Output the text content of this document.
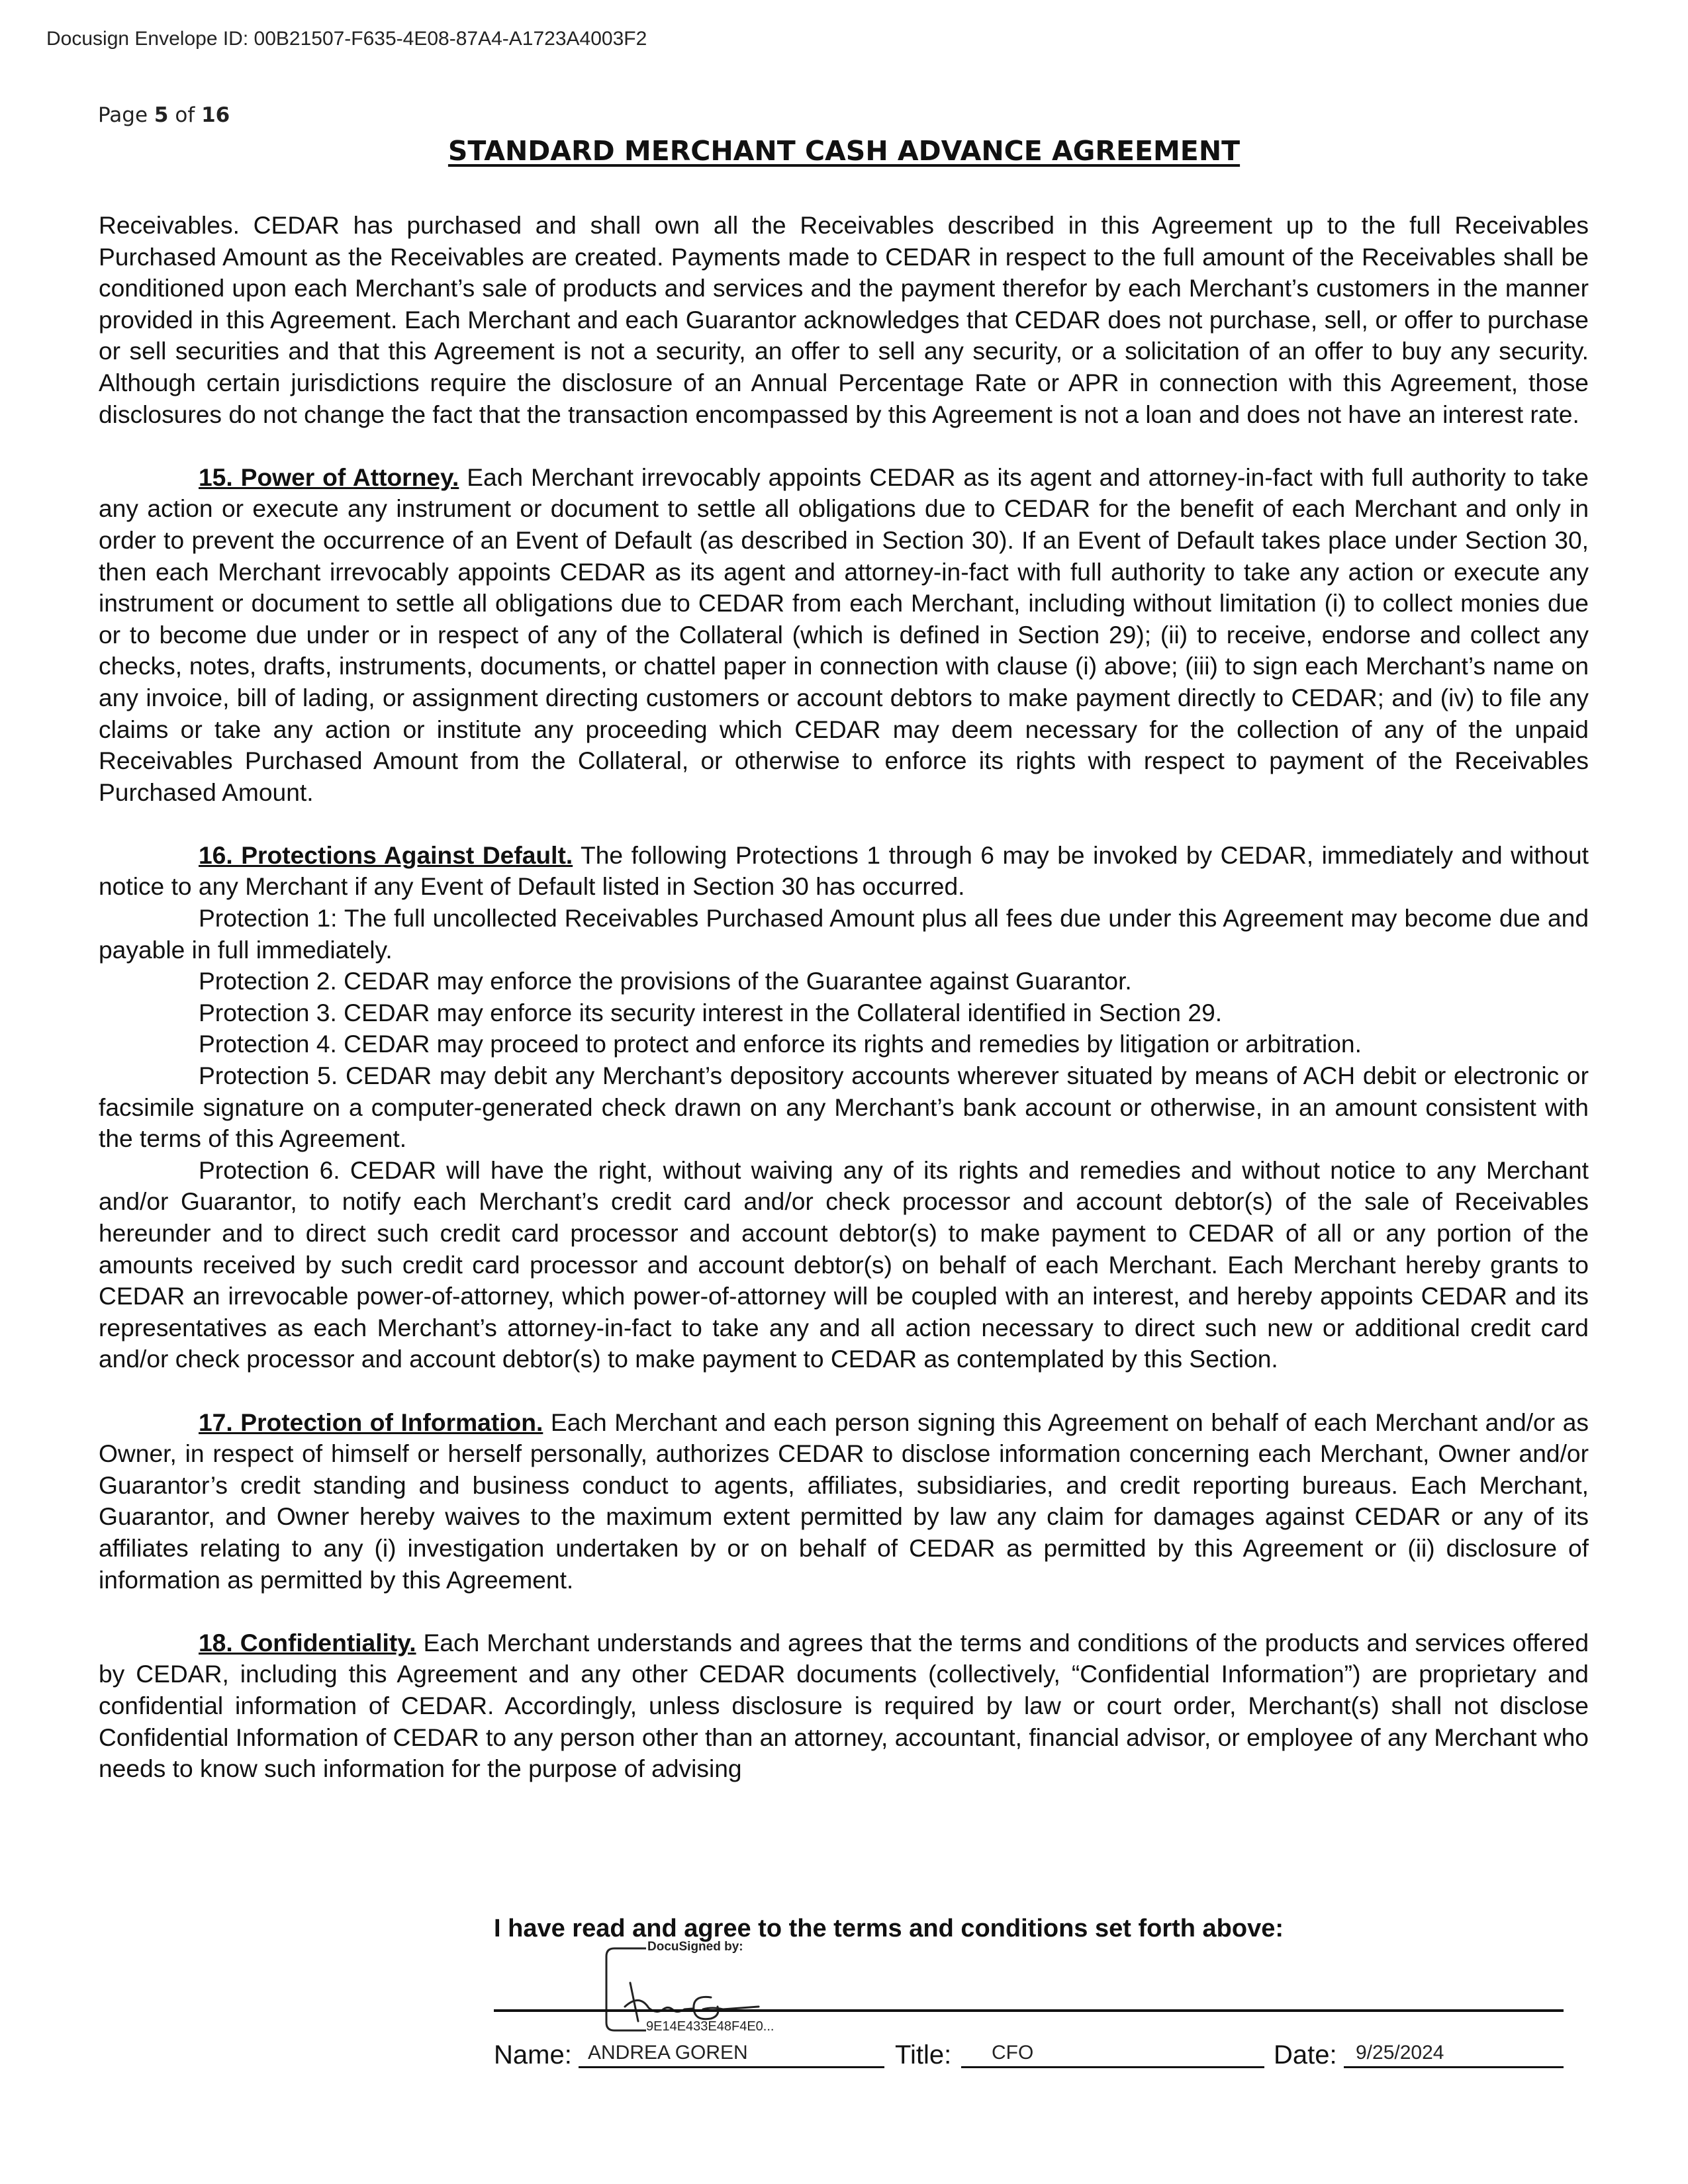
Docusign Envelope ID: 00B21507-F635-4E08-87A4-A1723A4003F2
Page 5 of 16
STANDARD MERCHANT CASH ADVANCE AGREEMENT

Receivables. CEDAR has purchased and shall own all the Receivables described in this Agreement up to the full Receivables Purchased Amount as the Receivables are created. Payments made to CEDAR in respect to the full amount of the Receivables shall be conditioned upon each Merchant’s sale of products and services and the payment therefor by each Merchant’s customers in the manner provided in this Agreement. Each Merchant and each Guarantor acknowledges that CEDAR does not purchase, sell, or offer to purchase or sell securities and that this Agreement is not a security, an offer to sell any security, or a solicitation of an offer to buy any security. Although certain jurisdictions require the disclosure of an Annual Percentage Rate or APR in connection with this Agreement, those disclosures do not change the fact that the transaction encompassed by this Agreement is not a loan and does not have an interest rate.

15. Power of Attorney. Each Merchant irrevocably appoints CEDAR as its agent and attorney-in-fact with full authority to take any action or execute any instrument or document to settle all obligations due to CEDAR for the benefit of each Merchant and only in order to prevent the occurrence of an Event of Default (as described in Section 30). If an Event of Default takes place under Section 30, then each Merchant irrevocably appoints CEDAR as its agent and attorney-in-fact with full authority to take any action or execute any instrument or document to settle all obligations due to CEDAR from each Merchant, including without limitation (i) to collect monies due or to become due under or in respect of any of the Collateral (which is defined in Section 29); (ii) to receive, endorse and collect any checks, notes, drafts, instruments, documents, or chattel paper in connection with clause (i) above; (iii) to sign each Merchant’s name on any invoice, bill of lading, or assignment directing customers or account debtors to make payment directly to CEDAR; and (iv) to file any claims or take any action or institute any proceeding which CEDAR may deem necessary for the collection of any of the unpaid Receivables Purchased Amount from the Collateral, or otherwise to enforce its rights with respect to payment of the Receivables Purchased Amount.

16. Protections Against Default. The following Protections 1 through 6 may be invoked by CEDAR, immediately and without notice to any Merchant if any Event of Default listed in Section 30 has occurred.

Protection 1: The full uncollected Receivables Purchased Amount plus all fees due under this Agreement may become due and payable in full immediately.

Protection 2. CEDAR may enforce the provisions of the Guarantee against Guarantor.

Protection 3. CEDAR may enforce its security interest in the Collateral identified in Section 29.

Protection 4. CEDAR may proceed to protect and enforce its rights and remedies by litigation or arbitration.

Protection 5. CEDAR may debit any Merchant’s depository accounts wherever situated by means of ACH debit or electronic or facsimile signature on a computer-generated check drawn on any Merchant’s bank account or otherwise, in an amount consistent with the terms of this Agreement.

Protection 6. CEDAR will have the right, without waiving any of its rights and remedies and without notice to any Merchant and/or Guarantor, to notify each Merchant’s credit card and/or check processor and account debtor(s) of the sale of Receivables hereunder and to direct such credit card processor and account debtor(s) to make payment to CEDAR of all or any portion of the amounts received by such credit card processor and account debtor(s) on behalf of each Merchant. Each Merchant hereby grants to CEDAR an irrevocable power-of-attorney, which power-of-attorney will be coupled with an interest, and hereby appoints CEDAR and its representatives as each Merchant’s attorney-in-fact to take any and all action necessary to direct such new or additional credit card and/or check processor and account debtor(s) to make payment to CEDAR as contemplated by this Section.

17. Protection of Information. Each Merchant and each person signing this Agreement on behalf of each Merchant and/or as Owner, in respect of himself or herself personally, authorizes CEDAR to disclose information concerning each Merchant, Owner and/or Guarantor’s credit standing and business conduct to agents, affiliates, subsidiaries, and credit reporting bureaus. Each Merchant, Guarantor, and Owner hereby waives to the maximum extent permitted by law any claim for damages against CEDAR or any of its affiliates relating to any (i) investigation undertaken by or on behalf of CEDAR as permitted by this Agreement or (ii) disclosure of information as permitted by this Agreement.

18. Confidentiality. Each Merchant understands and agrees that the terms and conditions of the products and services offered by CEDAR, including this Agreement and any other CEDAR documents (collectively, “Confidential Information”) are proprietary and confidential information of CEDAR. Accordingly, unless disclosure is required by law or court order, Merchant(s) shall not disclose Confidential Information of CEDAR to any person other than an attorney, accountant, financial advisor, or employee of any Merchant who needs to know such information for the purpose of advising

I have read and agree to the terms and conditions set forth above:
DocuSigned by:
9E14E433E48F4E0...
Name: ANDREA GOREN	Title: CFO	Date: 9/25/2024
